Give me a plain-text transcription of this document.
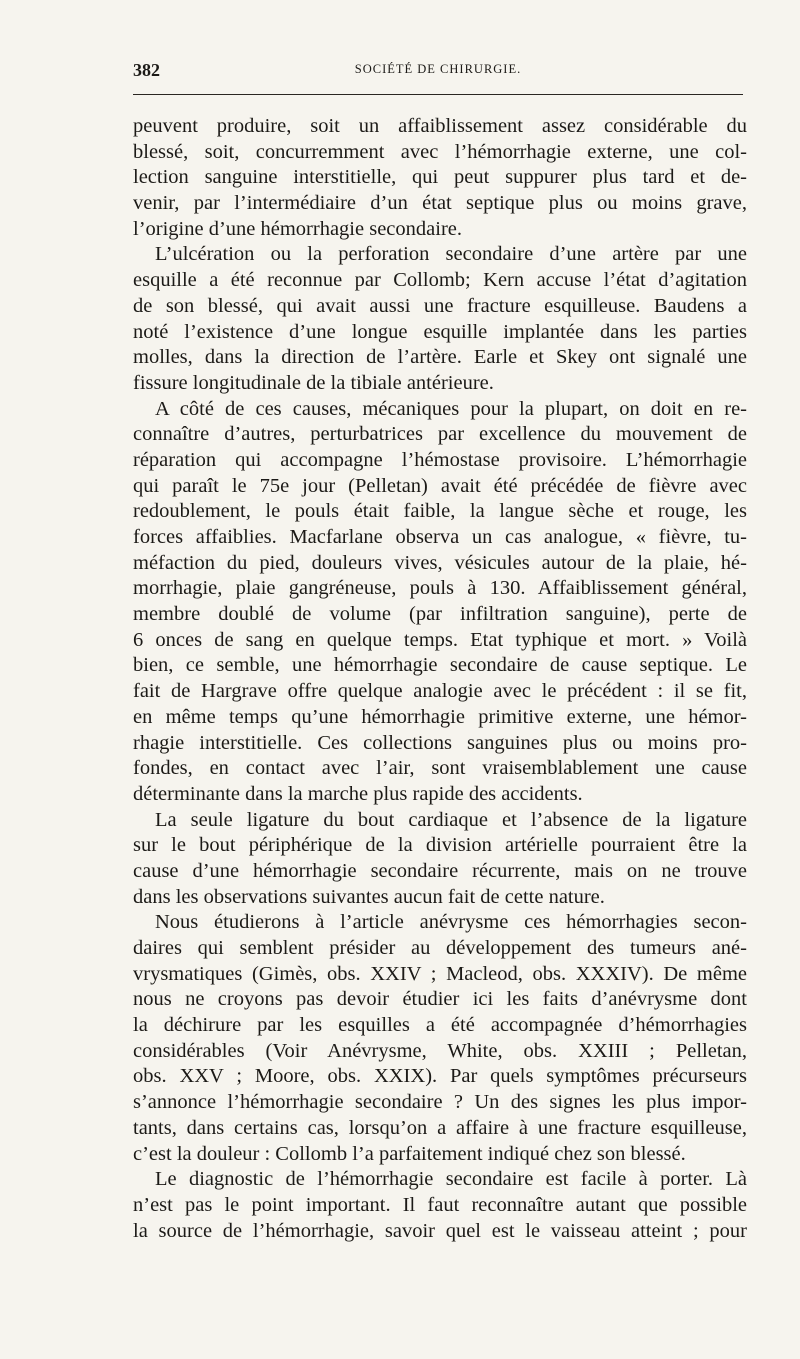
382	SOCIÉTÉ DE CHIRURGIE.
peuvent produire, soit un affaiblissement assez considérable du
blessé, soit, concurremment avec l’hémorrhagie externe, une col-
lection sanguine interstitielle, qui peut suppurer plus tard et de-
venir, par l’intermédiaire d’un état septique plus ou moins grave,
l’origine d’une hémorrhagie secondaire.
L’ulcération ou la perforation secondaire d’une artère par une
esquille a été reconnue par Collomb; Kern accuse l’état d’agitation
de son blessé, qui avait aussi une fracture esquilleuse. Baudens a
noté l’existence d’une longue esquille implantée dans les parties
molles, dans la direction de l’artère. Earle et Skey ont signalé une
fissure longitudinale de la tibiale antérieure.
A côté de ces causes, mécaniques pour la plupart, on doit en re-
connaître d’autres, perturbatrices par excellence du mouvement de
réparation qui accompagne l’hémostase provisoire. L’hémorrhagie
qui paraît le 75e jour (Pelletan) avait été précédée de fièvre avec
redoublement, le pouls était faible, la langue sèche et rouge, les
forces affaiblies. Macfarlane observa un cas analogue, « fièvre, tu-
méfaction du pied, douleurs vives, vésicules autour de la plaie, hé-
morrhagie, plaie gangréneuse, pouls à 130. Affaiblissement général,
membre doublé de volume (par infiltration sanguine), perte de
6 onces de sang en quelque temps. Etat typhique et mort. » Voilà
bien, ce semble, une hémorrhagie secondaire de cause septique. Le
fait de Hargrave offre quelque analogie avec le précédent : il se fit,
en même temps qu’une hémorrhagie primitive externe, une hémor-
rhagie interstitielle. Ces collections sanguines plus ou moins pro-
fondes, en contact avec l’air, sont vraisemblablement une cause
déterminante dans la marche plus rapide des accidents.
La seule ligature du bout cardiaque et l’absence de la ligature
sur le bout périphérique de la division artérielle pourraient être la
cause d’une hémorrhagie secondaire récurrente, mais on ne trouve
dans les observations suivantes aucun fait de cette nature.
Nous étudierons à l’article anévrysme ces hémorrhagies secon-
daires qui semblent présider au développement des tumeurs ané-
vrysmatiques (Gimès, obs. XXIV ; Macleod, obs. XXXIV). De même
nous ne croyons pas devoir étudier ici les faits d’anévrysme dont
la déchirure par les esquilles a été accompagnée d’hémorrhagies
considérables (Voir Anévrysme, White, obs. XXIII ; Pelletan,
obs. XXV ; Moore, obs. XXIX). Par quels symptômes précurseurs
s’annonce l’hémorrhagie secondaire ? Un des signes les plus impor-
tants, dans certains cas, lorsqu’on a affaire à une fracture esquilleuse,
c’est la douleur : Collomb l’a parfaitement indiqué chez son blessé.
Le diagnostic de l’hémorrhagie secondaire est facile à porter. Là
n’est pas le point important. Il faut reconnaître autant que possible
la source de l’hémorrhagie, savoir quel est le vaisseau atteint ; pour
